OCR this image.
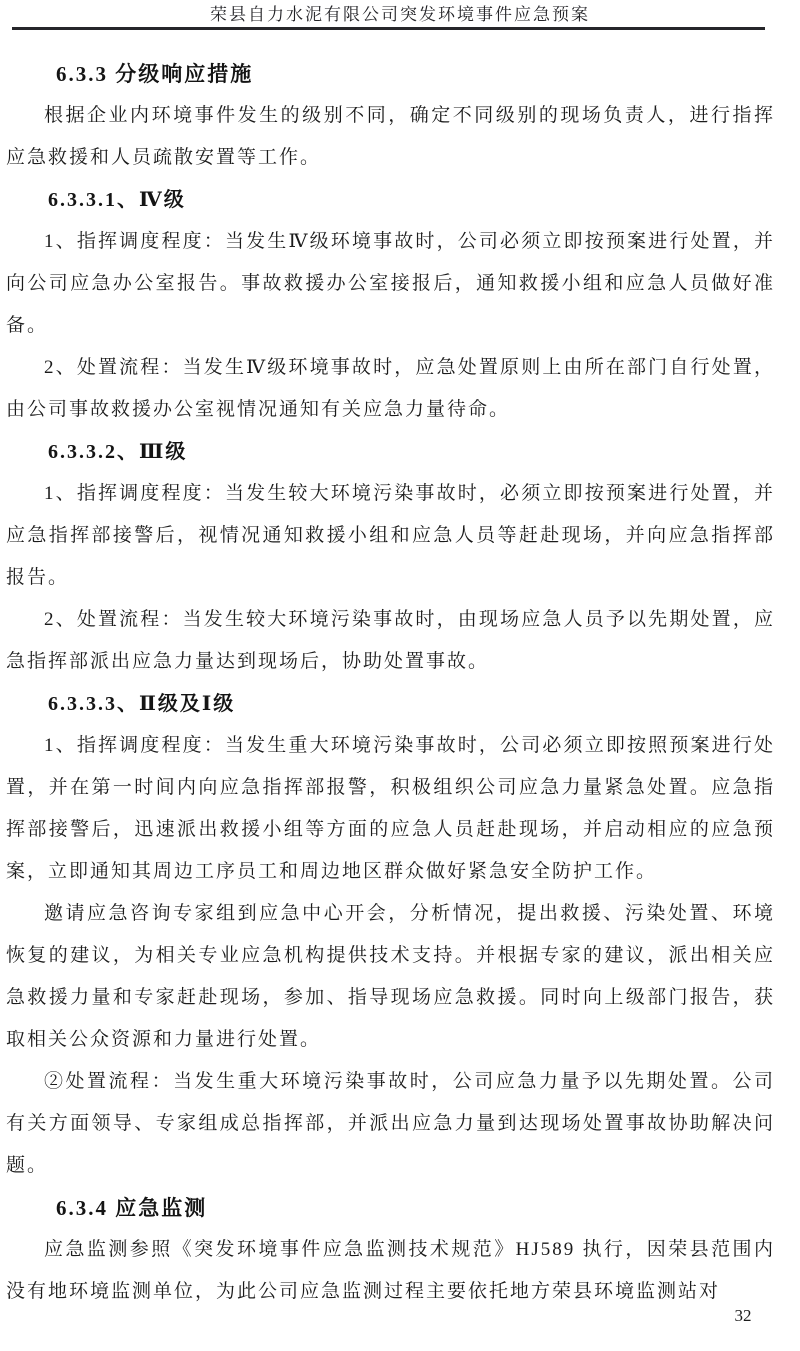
荣县自力水泥有限公司突发环境事件应急预案
6.3.3 分级响应措施

根据企业内环境事件发生的级别不同，确定不同级别的现场负责人，进行指挥应急救援和人员疏散安置等工作。

6.3.3.1、Ⅳ级

1、指挥调度程度：当发生Ⅳ级环境事故时，公司必须立即按预案进行处置，并向公司应急办公室报告。事故救援办公室接报后，通知救援小组和应急人员做好准备。

2、处置流程：当发生Ⅳ级环境事故时，应急处置原则上由所在部门自行处置，由公司事故救援办公室视情况通知有关应急力量待命。

6.3.3.2、Ⅲ级

1、指挥调度程度：当发生较大环境污染事故时，必须立即按预案进行处置，并应急指挥部接警后，视情况通知救援小组和应急人员等赶赴现场，并向应急指挥部报告。

2、处置流程：当发生较大环境污染事故时，由现场应急人员予以先期处置，应急指挥部派出应急力量达到现场后，协助处置事故。

6.3.3.3、Ⅱ级及Ⅰ级

1、指挥调度程度：当发生重大环境污染事故时，公司必须立即按照预案进行处置，并在第一时间内向应急指挥部报警，积极组织公司应急力量紧急处置。应急指挥部接警后，迅速派出救援小组等方面的应急人员赶赴现场，并启动相应的应急预案，立即通知其周边工序员工和周边地区群众做好紧急安全防护工作。

邀请应急咨询专家组到应急中心开会，分析情况，提出救援、污染处置、环境恢复的建议，为相关专业应急机构提供技术支持。并根据专家的建议，派出相关应急救援力量和专家赶赴现场，参加、指导现场应急救援。同时向上级部门报告，获取相关公众资源和力量进行处置。

②处置流程：当发生重大环境污染事故时，公司应急力量予以先期处置。公司有关方面领导、专家组成总指挥部，并派出应急力量到达现场处置事故协助解决问题。

6.3.4 应急监测

应急监测参照《突发环境事件应急监测技术规范》HJ589 执行，因荣县范围内没有地环境监测单位，为此公司应急监测过程主要依托地方荣县环境监测站对

32
